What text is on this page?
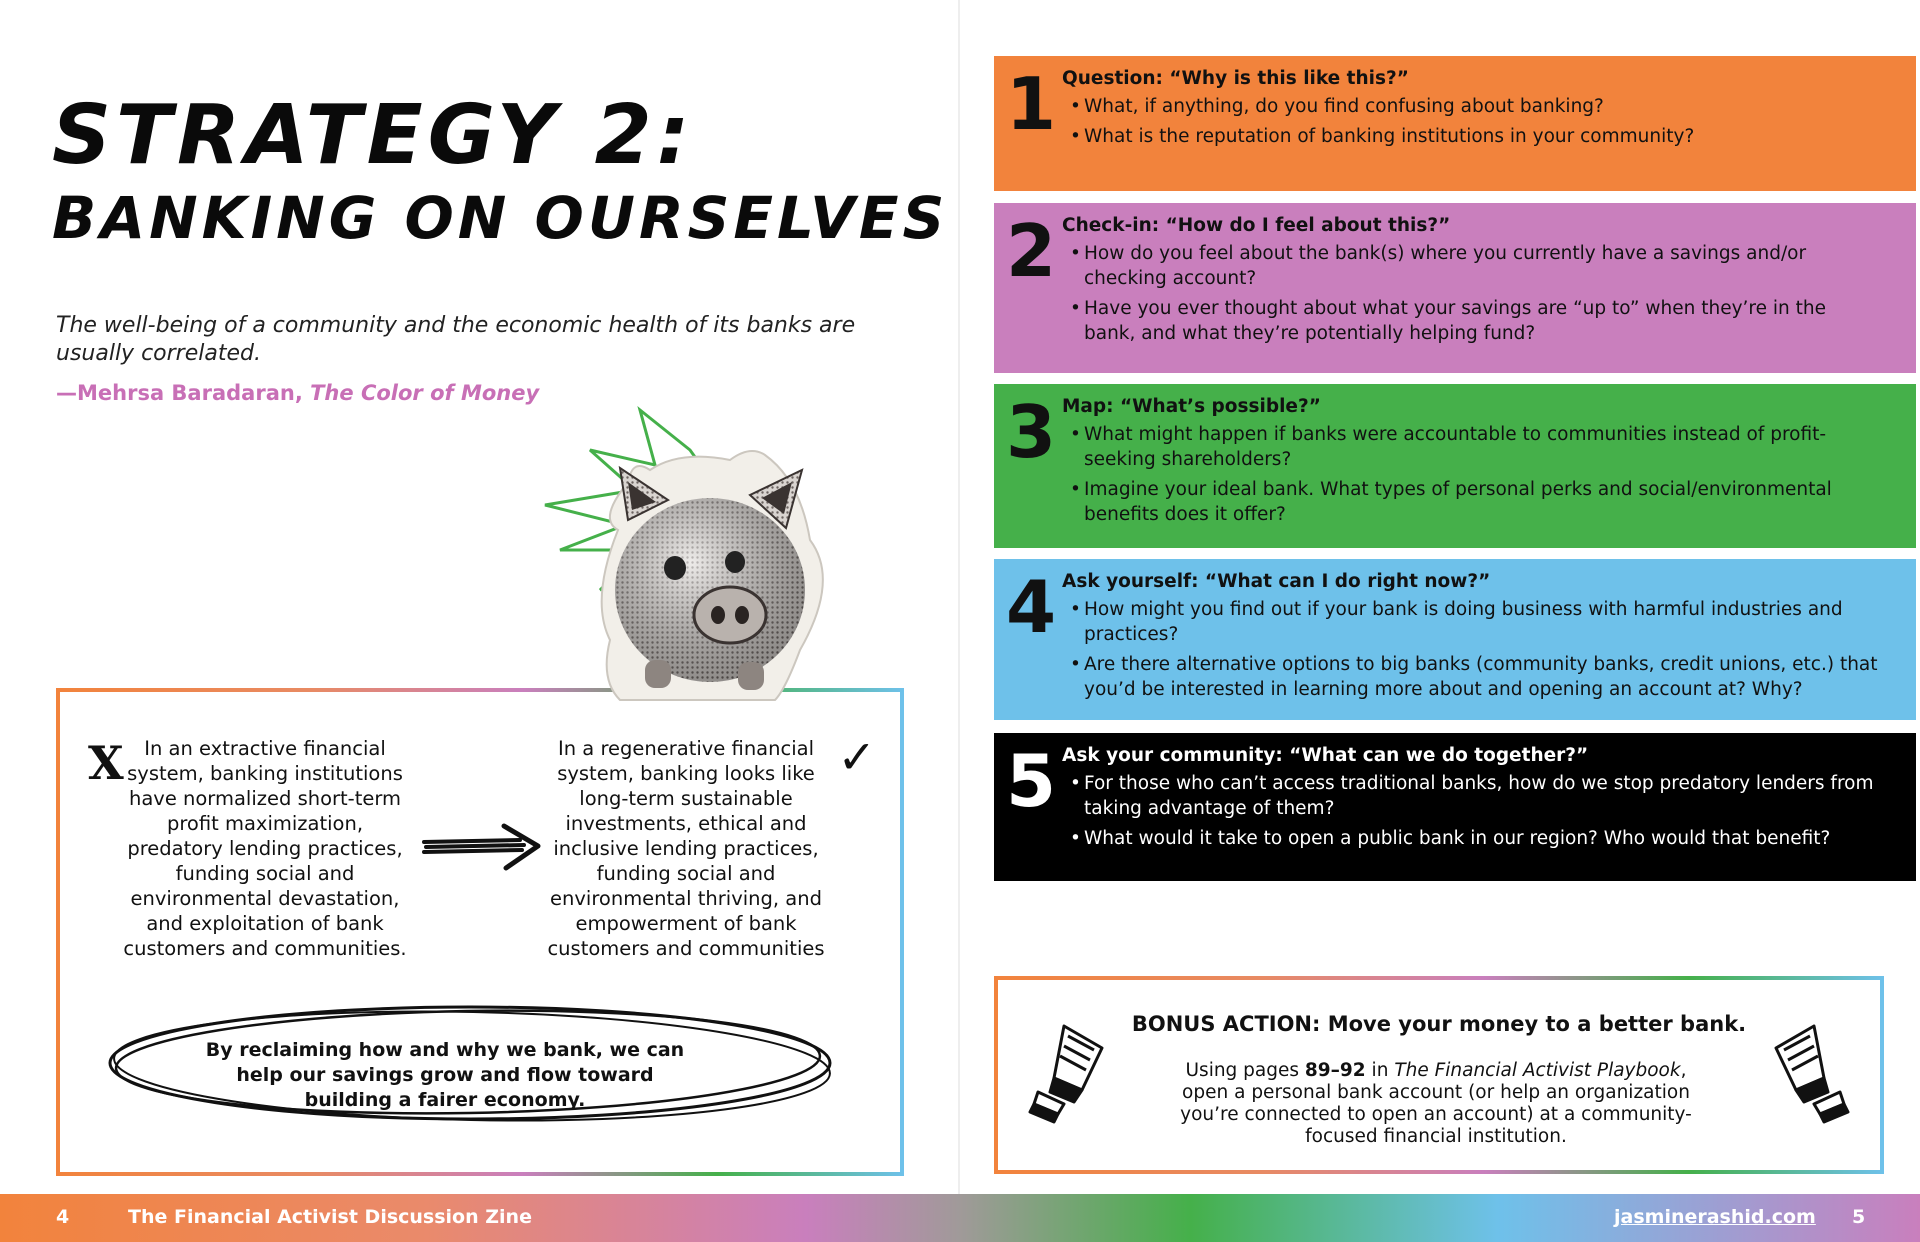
STRATEGY 2:
BANKING ON OURSELVES

The well-being of a community and the economic health of its banks are usually correlated.

—Mehrsa Baradaran, The Color of Money

X	In an extractive financial system, banking institutions have normalized short-term profit maximization, predatory lending practices, funding social and environmental devastation, and exploitation of bank customers and communities.

In a regenerative financial system, banking looks like long-term sustainable investments, ethical and inclusive lending practices, funding social and environmental thriving, and empowerment of bank customers and communities

✓

By reclaiming how and why we bank, we can help our savings grow and flow toward building a fairer economy.

1 Question: “Why is this like this?”

• What, if anything, do you find confusing about banking?
• What is the reputation of banking institutions in your community?
2 Check-in: “How do I feel about this?”

• How do you feel about the bank(s) where you currently have a savings and/or checking account?
• Have you ever thought about what your savings are “up to” when they’re in the bank, and what they’re potentially helping fund?
3 Map: “What’s possible?”

• What might happen if banks were accountable to communities instead of profit-seeking shareholders?
• Imagine your ideal bank. What types of personal perks and social/environmental benefits does it offer?
4 Ask yourself: “What can I do right now?”

• How might you find out if your bank is doing business with harmful industries and practices?
• Are there alternative options to big banks (community banks, credit unions, etc.) that you’d be interested in learning more about and opening an account at? Why?
5 Ask your community: “What can we do together?”

• For those who can’t access traditional banks, how do we stop predatory lenders from taking advantage of them?
• What would it take to open a public bank in our region? Who would that benefit?

BONUS ACTION: Move your money to a better bank.

Using pages 89–92 in The Financial Activist Playbook, open a personal bank account (or help an organization you’re connected to open an account) at a community-focused financial institution.

4	The Financial Activist Discussion Zine	jasminerashid.com 5
